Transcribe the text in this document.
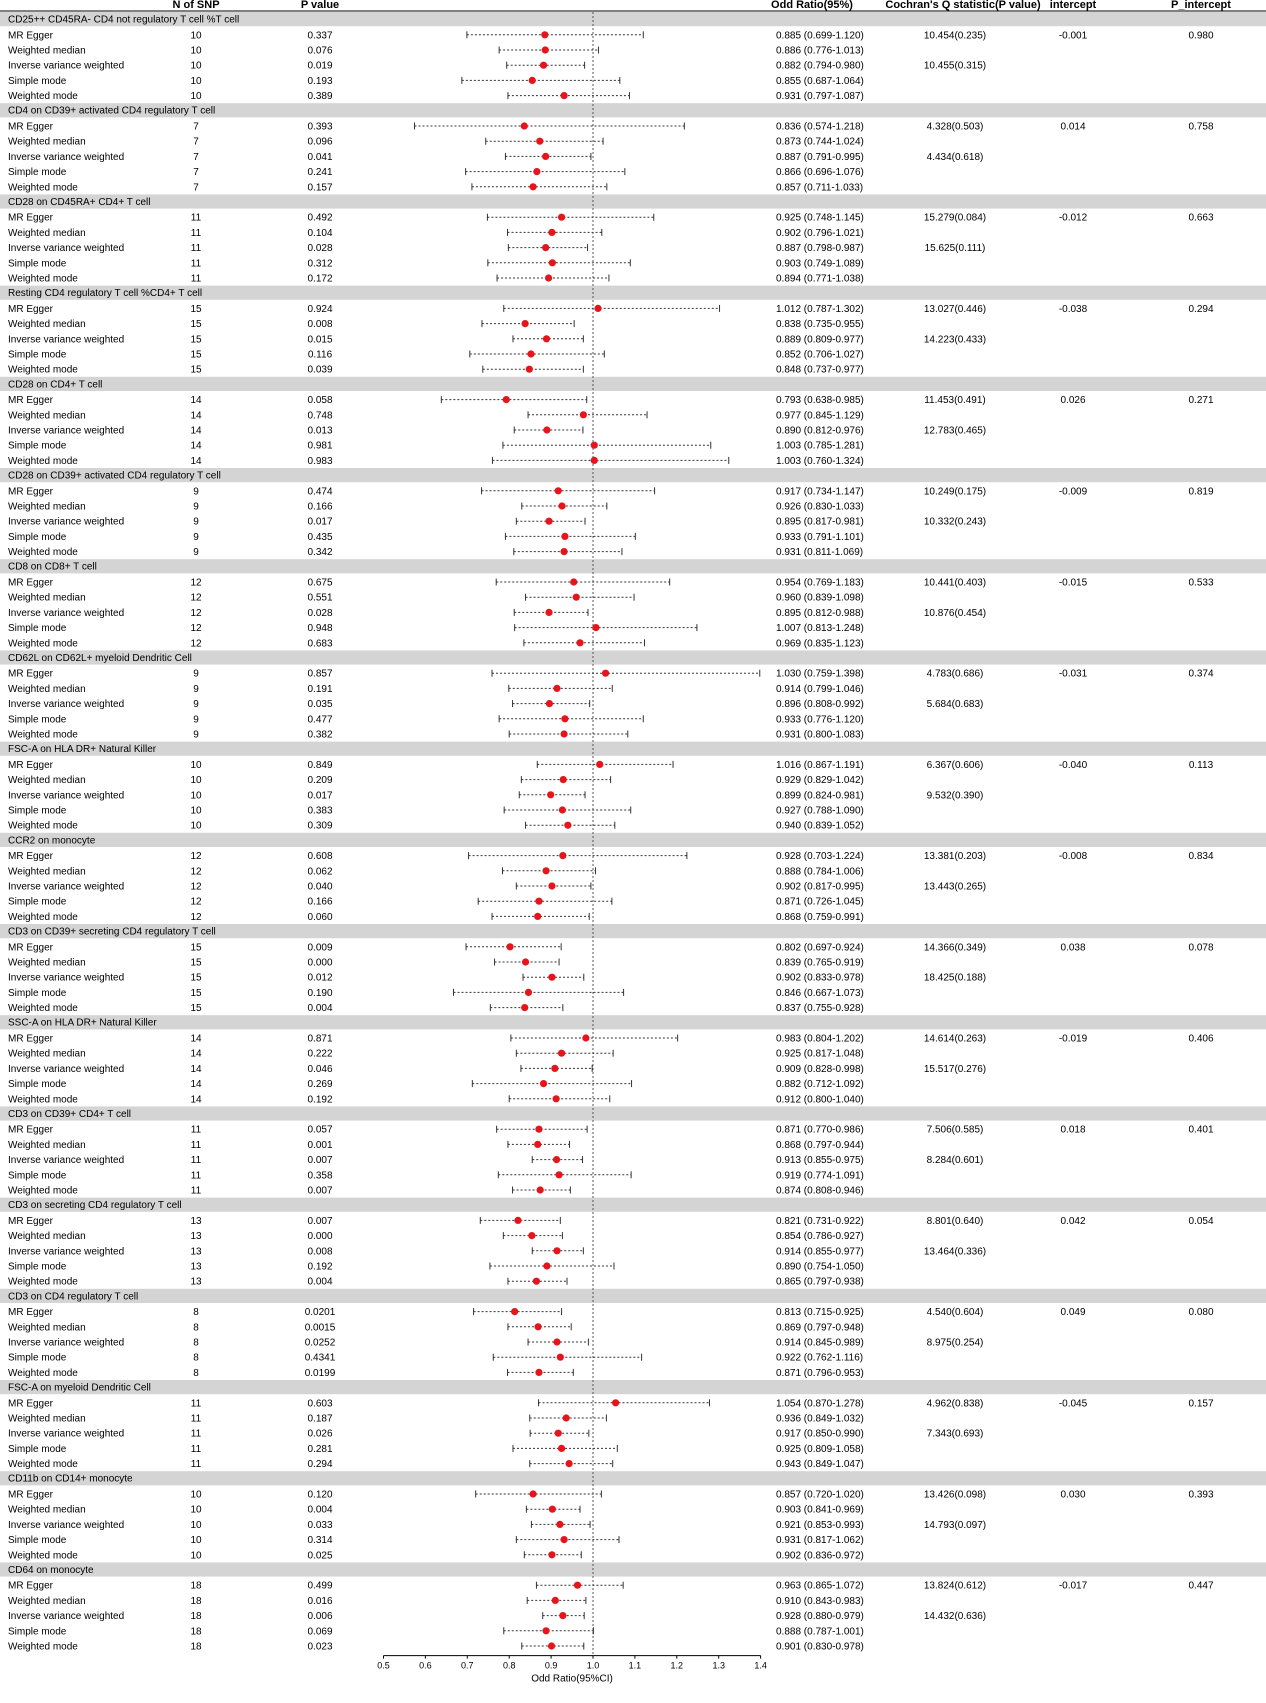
N of SNP	P value	Odd Ratio(95%)	Cochran's Q statistic(P value) intercept	P_intercept
CD25++ CD45RA- CD4 not regulatory T cell %T cell
MR Egger	10	0.337	0.885 (0.699-1.120)	10.454(0.235)	-0.001	0.980
Weighted median	10	0.076	0.886 (0.776-1.013)
Inverse variance weighted	10	0.019	0.882 (0.794-0.980)	10.455(0.315)
Simple mode	10	0.193	0.855 (0.687-1.064)
Weighted mode	10	0.389	0.931 (0.797-1.087)
CD4 on CD39+ activated CD4 regulatory T cell
MR Egger	7	0.393	0.836 (0.574-1.218)	4.328(0.503)	0.014	0.758
Weighted median	7	0.096	0.873 (0.744-1.024)
Inverse variance weighted	7	0.041	0.887 (0.791-0.995)	4.434(0.618)
Simple mode	7	0.241	0.866 (0.696-1.076)
Weighted mode	7	0.157	0.857 (0.711-1.033)
CD28 on CD45RA+ CD4+ T cell
MR Egger	11	0.492	0.925 (0.748-1.145)	15.279(0.084)	-0.012	0.663
Weighted median	11	0.104	0.902 (0.796-1.021)
Inverse variance weighted	11	0.028	0.887 (0.798-0.987)	15.625(0.111)
Simple mode	11	0.312	0.903 (0.749-1.089)
Weighted mode	11	0.172	0.894 (0.771-1.038)
Resting CD4 regulatory T cell %CD4+ T cell
MR Egger	15	0.924	1.012 (0.787-1.302)	13.027(0.446)	-0.038	0.294
Weighted median	15	0.008	0.838 (0.735-0.955)
Inverse variance weighted	15	0.015	0.889 (0.809-0.977)	14.223(0.433)
Simple mode	15	0.116	0.852 (0.706-1.027)
Weighted mode	15	0.039	0.848 (0.737-0.977)
CD28 on CD4+ T cell
MR Egger	14	0.058	0.793 (0.638-0.985)	11.453(0.491)	0.026	0.271
Weighted median	14	0.748	0.977 (0.845-1.129)
Inverse variance weighted	14	0.013	0.890 (0.812-0.976)	12.783(0.465)
Simple mode	14	0.981	1.003 (0.785-1.281)
Weighted mode	14	0.983	1.003 (0.760-1.324)
CD28 on CD39+ activated CD4 regulatory T cell
MR Egger	9	0.474	0.917 (0.734-1.147)	10.249(0.175)	-0.009	0.819
Weighted median	9	0.166	0.926 (0.830-1.033)
Inverse variance weighted	9	0.017	0.895 (0.817-0.981)	10.332(0.243)
Simple mode	9	0.435	0.933 (0.791-1.101)
Weighted mode	9	0.342	0.931 (0.811-1.069)
CD8 on CD8+ T cell
MR Egger	12	0.675	0.954 (0.769-1.183)	10.441(0.403)	-0.015	0.533
Weighted median	12	0.551	0.960 (0.839-1.098)
Inverse variance weighted	12	0.028	0.895 (0.812-0.988)	10.876(0.454)
Simple mode	12	0.948	1.007 (0.813-1.248)
Weighted mode	12	0.683	0.969 (0.835-1.123)
CD62L on CD62L+ myeloid Dendritic Cell
MR Egger	9	0.857	1.030 (0.759-1.398)	4.783(0.686)	-0.031	0.374
Weighted median	9	0.191	0.914 (0.799-1.046)
Inverse variance weighted	9	0.035	0.896 (0.808-0.992)	5.684(0.683)
Simple mode	9	0.477	0.933 (0.776-1.120)
Weighted mode	9	0.382	0.931 (0.800-1.083)
FSC-A on HLA DR+ Natural Killer
MR Egger	10	0.849	1.016 (0.867-1.191)	6.367(0.606)	-0.040	0.113
Weighted median	10	0.209	0.929 (0.829-1.042)
Inverse variance weighted	10	0.017	0.899 (0.824-0.981)	9.532(0.390)
Simple mode	10	0.383	0.927 (0.788-1.090)
Weighted mode	10	0.309	0.940 (0.839-1.052)
CCR2 on monocyte
MR Egger	12	0.608	0.928 (0.703-1.224)	13.381(0.203)	-0.008	0.834
Weighted median	12	0.062	0.888 (0.784-1.006)
Inverse variance weighted	12	0.040	0.902 (0.817-0.995)	13.443(0.265)
Simple mode	12	0.166	0.871 (0.726-1.045)
Weighted mode	12	0.060	0.868 (0.759-0.991)
CD3 on CD39+ secreting CD4 regulatory T cell
MR Egger	15	0.009	0.802 (0.697-0.924)	14.366(0.349)	0.038	0.078
Weighted median	15	0.000	0.839 (0.765-0.919)
Inverse variance weighted	15	0.012	0.902 (0.833-0.978)	18.425(0.188)
Simple mode	15	0.190	0.846 (0.667-1.073)
Weighted mode	15	0.004	0.837 (0.755-0.928)
SSC-A on HLA DR+ Natural Killer
MR Egger	14	0.871	0.983 (0.804-1.202)	14.614(0.263)	-0.019	0.406
Weighted median	14	0.222	0.925 (0.817-1.048)
Inverse variance weighted	14	0.046	0.909 (0.828-0.998)	15.517(0.276)
Simple mode	14	0.269	0.882 (0.712-1.092)
Weighted mode	14	0.192	0.912 (0.800-1.040)
CD3 on CD39+ CD4+ T cell
MR Egger	11	0.057	0.871 (0.770-0.986)	7.506(0.585)	0.018	0.401
Weighted median	11	0.001	0.868 (0.797-0.944)
Inverse variance weighted	11	0.007	0.913 (0.855-0.975)	8.284(0.601)
Simple mode	11	0.358	0.919 (0.774-1.091)
Weighted mode	11	0.007	0.874 (0.808-0.946)
CD3 on secreting CD4 regulatory T cell
MR Egger	13	0.007	0.821 (0.731-0.922)	8.801(0.640)	0.042	0.054
Weighted median	13	0.000	0.854 (0.786-0.927)
Inverse variance weighted	13	0.008	0.914 (0.855-0.977)	13.464(0.336)
Simple mode	13	0.192	0.890 (0.754-1.050)
Weighted mode	13	0.004	0.865 (0.797-0.938)
CD3 on CD4 regulatory T cell
MR Egger	8	0.0201	0.813 (0.715-0.925)	4.540(0.604)	0.049	0.080
Weighted median	8	0.0015	0.869 (0.797-0.948)
Inverse variance weighted	8	0.0252	0.914 (0.845-0.989)	8.975(0.254)
Simple mode	8	0.4341	0.922 (0.762-1.116)
Weighted mode	8	0.0199	0.871 (0.796-0.953)
FSC-A on myeloid Dendritic Cell
MR Egger	11	0.603	1.054 (0.870-1.278)	4.962(0.838)	-0.045	0.157
Weighted median	11	0.187	0.936 (0.849-1.032)
Inverse variance weighted	11	0.026	0.917 (0.850-0.990)	7.343(0.693)
Simple mode	11	0.281	0.925 (0.809-1.058)
Weighted mode	11	0.294	0.943 (0.849-1.047)
CD11b on CD14+ monocyte
MR Egger	10	0.120	0.857 (0.720-1.020)	13.426(0.098)	0.030	0.393
Weighted median	10	0.004	0.903 (0.841-0.969)
Inverse variance weighted	10	0.033	0.921 (0.853-0.993)	14.793(0.097)
Simple mode	10	0.314	0.931 (0.817-1.062)
Weighted mode	10	0.025	0.902 (0.836-0.972)
CD64 on monocyte
MR Egger	18	0.499	0.963 (0.865-1.072)	13.824(0.612)	-0.017	0.447
Weighted median	18	0.016	0.910 (0.843-0.983)
Inverse variance weighted	18	0.006	0.928 (0.880-0.979)	14.432(0.636)
Simple mode	18	0.069	0.888 (0.787-1.001)
Weighted mode	18	0.023	0.901 (0.830-0.978)
0.5	0.6	0.7	0.8	0.9	1.0	1.1	1.2	1.3	1.4
Odd Ratio(95%CI)
